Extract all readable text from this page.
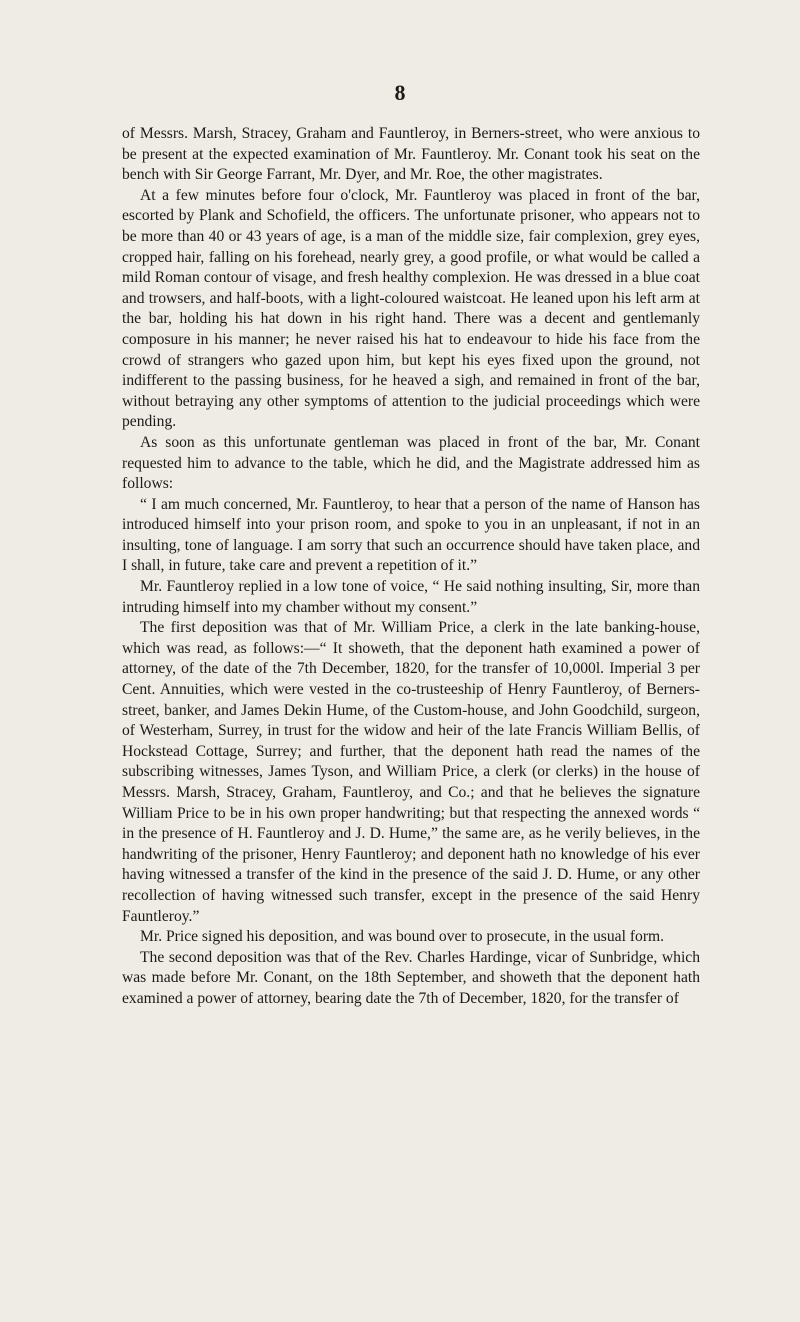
8

of Messrs. Marsh, Stracey, Graham and Fauntleroy, in Berners-street, who were anxious to be present at the expected examination of Mr. Fauntleroy. Mr. Conant took his seat on the bench with Sir George Farrant, Mr. Dyer, and Mr. Roe, the other magistrates.

At a few minutes before four o'clock, Mr. Fauntleroy was placed in front of the bar, escorted by Plank and Schofield, the officers. The unfortunate prisoner, who appears not to be more than 40 or 43 years of age, is a man of the middle size, fair complexion, grey eyes, cropped hair, falling on his forehead, nearly grey, a good profile, or what would be called a mild Roman contour of visage, and fresh healthy complexion. He was dressed in a blue coat and trowsers, and half-boots, with a light-coloured waistcoat. He leaned upon his left arm at the bar, holding his hat down in his right hand. There was a decent and gentlemanly composure in his manner; he never raised his hat to endeavour to hide his face from the crowd of strangers who gazed upon him, but kept his eyes fixed upon the ground, not indifferent to the passing business, for he heaved a sigh, and remained in front of the bar, without betraying any other symptoms of attention to the judicial proceedings which were pending.

As soon as this unfortunate gentleman was placed in front of the bar, Mr. Conant requested him to advance to the table, which he did, and the Magistrate addressed him as follows:

“ I am much concerned, Mr. Fauntleroy, to hear that a person of the name of Hanson has introduced himself into your prison room, and spoke to you in an unpleasant, if not in an insulting, tone of language. I am sorry that such an occurrence should have taken place, and I shall, in future, take care and prevent a repetition of it.”

Mr. Fauntleroy replied in a low tone of voice, “ He said nothing insulting, Sir, more than intruding himself into my chamber without my consent.”

The first deposition was that of Mr. William Price, a clerk in the late banking-house, which was read, as follows:—“ It showeth, that the deponent hath examined a power of attorney, of the date of the 7th December, 1820, for the transfer of 10,000l. Imperial 3 per Cent. Annuities, which were vested in the co-trusteeship of Henry Fauntleroy, of Berners-street, banker, and James Dekin Hume, of the Custom-house, and John Goodchild, surgeon, of Westerham, Surrey, in trust for the widow and heir of the late Francis William Bellis, of Hockstead Cottage, Surrey; and further, that the deponent hath read the names of the subscribing witnesses, James Tyson, and William Price, a clerk (or clerks) in the house of Messrs. Marsh, Stracey, Graham, Fauntleroy, and Co.; and that he believes the signature William Price to be in his own proper handwriting; but that respecting the annexed words “ in the presence of H. Fauntleroy and J. D. Hume,” the same are, as he verily believes, in the handwriting of the prisoner, Henry Fauntleroy; and deponent hath no knowledge of his ever having witnessed a transfer of the kind in the presence of the said J. D. Hume, or any other recollection of having witnessed such transfer, except in the presence of the said Henry Fauntleroy.”

Mr. Price signed his deposition, and was bound over to prosecute, in the usual form.

The second deposition was that of the Rev. Charles Hardinge, vicar of Sunbridge, which was made before Mr. Conant, on the 18th September, and showeth that the deponent hath examined a power of attorney, bearing date the 7th of December, 1820, for the transfer of
